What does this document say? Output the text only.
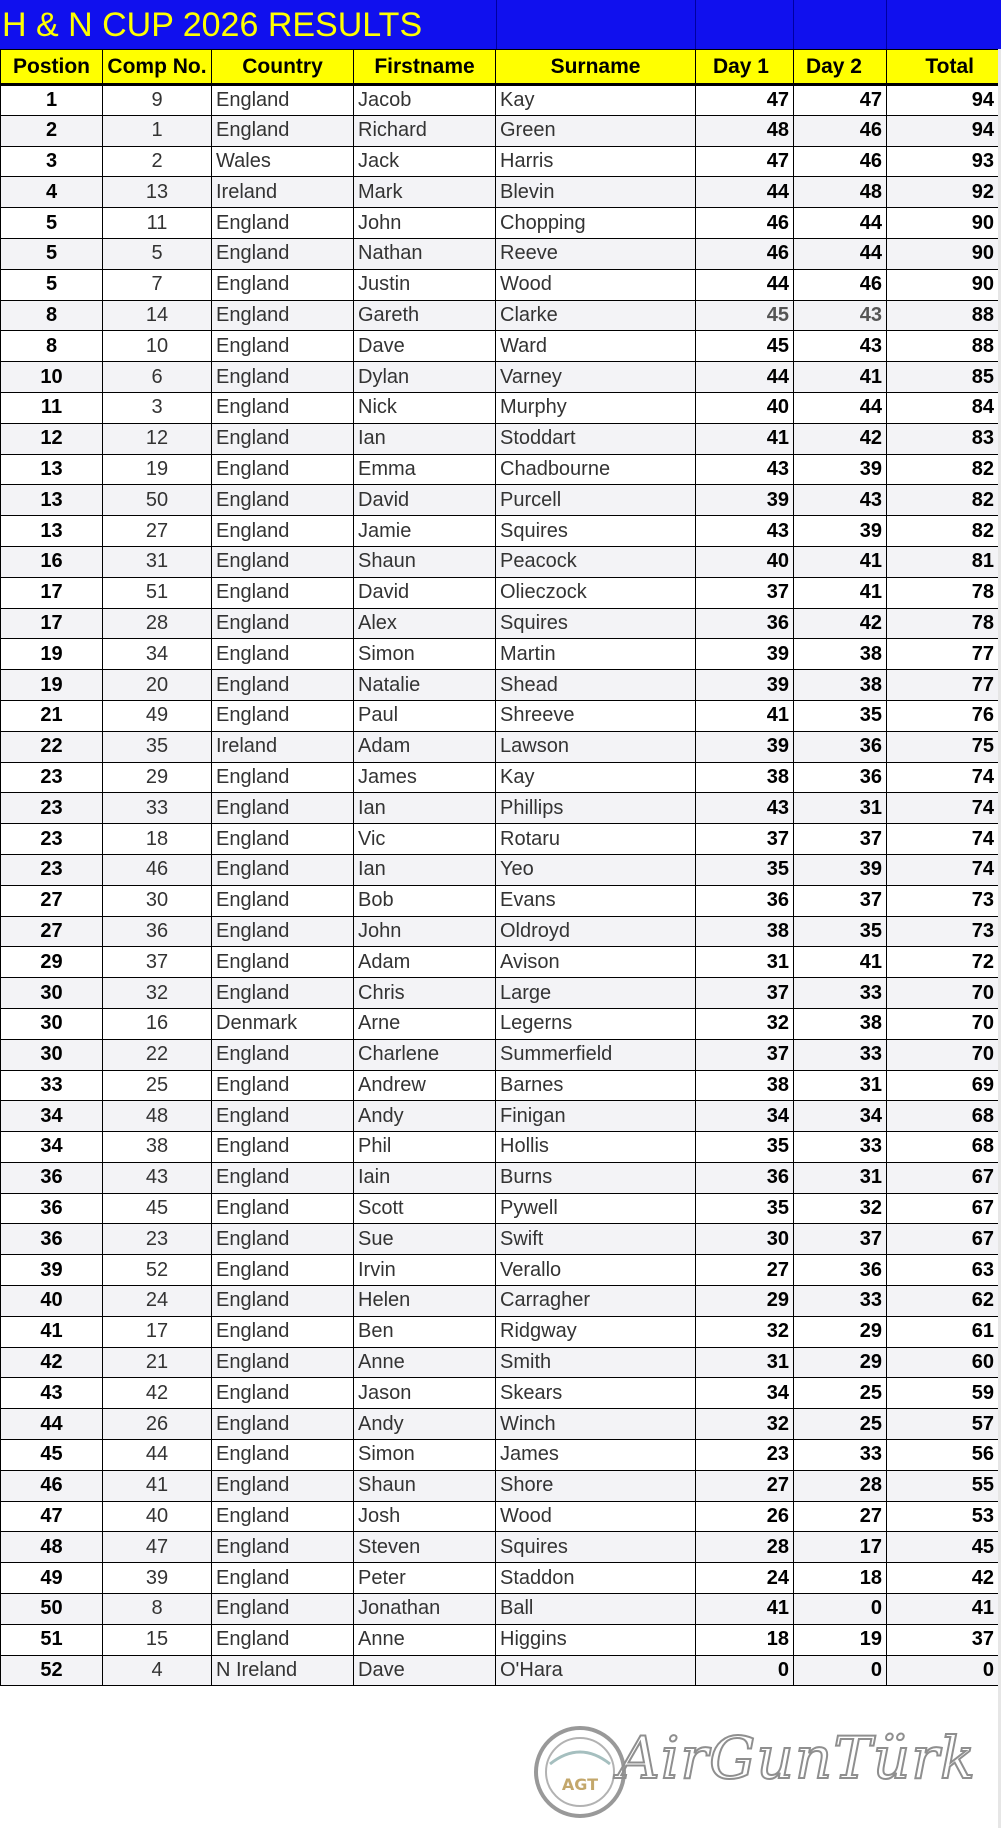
H & N CUP 2026 RESULTS
Postion	Comp No.	Country	Firstname	Surname	Day 1	Day 2	Total
1	9	England	Jacob	Kay	47	47	94
2	1	England	Richard	Green	48	46	94
3	2	Wales	Jack	Harris	47	46	93
4	13	Ireland	Mark	Blevin	44	48	92
5	11	England	John	Chopping	46	44	90
5	5	England	Nathan	Reeve	46	44	90
5	7	England	Justin	Wood	44	46	90
8	14	England	Gareth	Clarke	45	43	88
8	10	England	Dave	Ward	45	43	88
10	6	England	Dylan	Varney	44	41	85
11	3	England	Nick	Murphy	40	44	84
12	12	England	Ian	Stoddart	41	42	83
13	19	England	Emma	Chadbourne	43	39	82
13	50	England	David	Purcell	39	43	82
13	27	England	Jamie	Squires	43	39	82
16	31	England	Shaun	Peacock	40	41	81
17	51	England	David	Olieczock	37	41	78
17	28	England	Alex	Squires	36	42	78
19	34	England	Simon	Martin	39	38	77
19	20	England	Natalie	Shead	39	38	77
21	49	England	Paul	Shreeve	41	35	76
22	35	Ireland	Adam	Lawson	39	36	75
23	29	England	James	Kay	38	36	74
23	33	England	Ian	Phillips	43	31	74
23	18	England	Vic	Rotaru	37	37	74
23	46	England	Ian	Yeo	35	39	74
27	30	England	Bob	Evans	36	37	73
27	36	England	John	Oldroyd	38	35	73
29	37	England	Adam	Avison	31	41	72
30	32	England	Chris	Large	37	33	70
30	16	Denmark	Arne	Legerns	32	38	70
30	22	England	Charlene	Summerfield	37	33	70
33	25	England	Andrew	Barnes	38	31	69
34	48	England	Andy	Finigan	34	34	68
34	38	England	Phil	Hollis	35	33	68
36	43	England	Iain	Burns	36	31	67
36	45	England	Scott	Pywell	35	32	67
36	23	England	Sue	Swift	30	37	67
39	52	England	Irvin	Verallo	27	36	63
40	24	England	Helen	Carragher	29	33	62
41	17	England	Ben	Ridgway	32	29	61
42	21	England	Anne	Smith	31	29	60
43	42	England	Jason	Skears	34	25	59
44	26	England	Andy	Winch	32	25	57
45	44	England	Simon	James	23	33	56
46	41	England	Shaun	Shore	27	28	55
47	40	England	Josh	Wood	26	27	53
48	47	England	Steven	Squires	28	17	45
49	39	England	Peter	Staddon	24	18	42
50	8	England	Jonathan	Ball	41	0	41
51	15	England	Anne	Higgins	18	19	37
52	4	N Ireland	Dave	O'Hara	0	0	0
AGT AirGunTürk
